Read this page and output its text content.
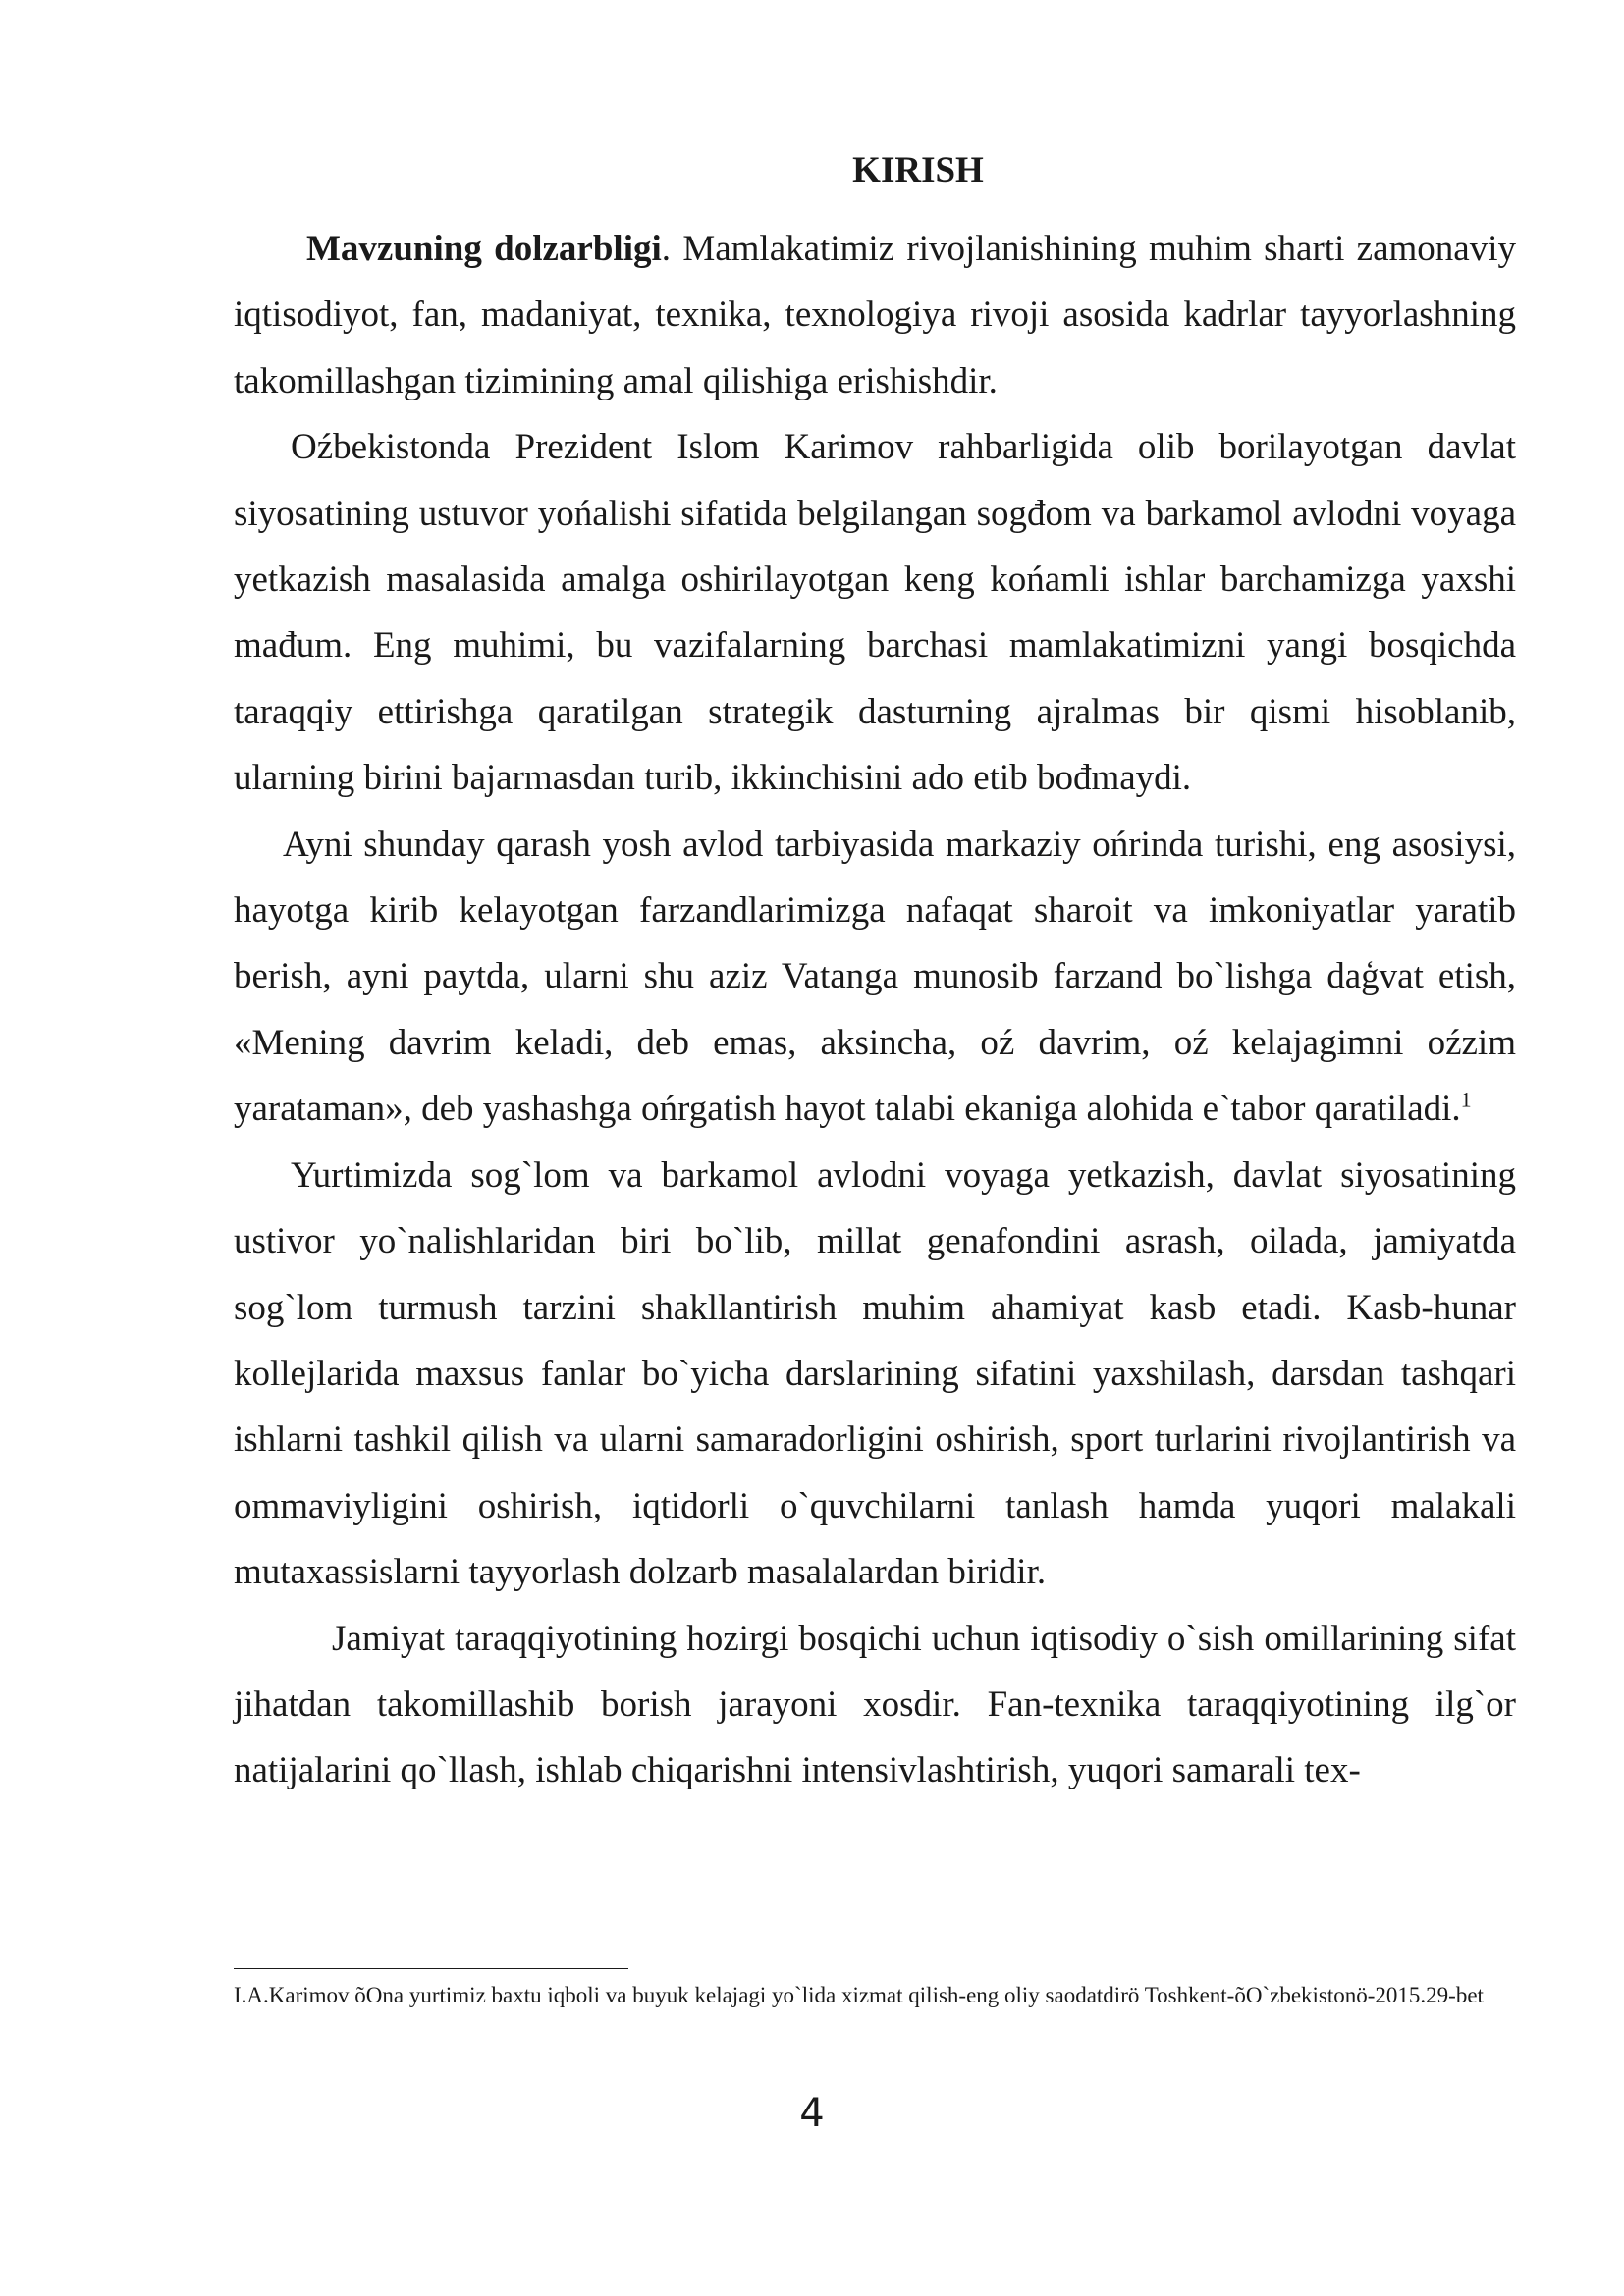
KIRISH

Mavzuning dolzarbligi. Mamlakatimiz rivojlanishining muhim sharti zamonaviy iqtisodiyot, fan, madaniyat, texnika, texnologiya rivoji asosida kadrlar tayyorlashning takomillashgan tizimining amal qilishiga erishishdir.

Oźbekistonda Prezident Islom Karimov rahbarligida olib borilayotgan davlat siyosatining ustuvor yońalishi sifatida belgilangan sogđom va barkamol avlodni voyaga yetkazish masalasida amalga oshirilayotgan keng końamli ishlar barchamizga yaxshi mađum. Eng muhimi, bu vazifalarning barchasi mamlakatimizni yangi bosqichda taraqqiy ettirishga qaratilgan strategik dasturning ajralmas bir qismi hisoblanib, ularning birini bajarmasdan turib, ikkinchisini ado etib bođmaydi.

Ayni shunday qarash yosh avlod tarbiyasida markaziy ońrinda turishi, eng asosiysi, hayotga kirib kelayotgan farzandlarimizga nafaqat sharoit va imkoniyatlar yaratib berish, ayni paytda, ularni shu aziz Vatanga munosib farzand bo`lishga daģvat etish, «Mening davrim keladi, deb emas, aksincha, oź davrim, oź kelajagimni oźzim yarataman», deb yashashga ońrgatish hayot talabi ekaniga alohida e`tabor qaratiladi.$^1$

Yurtimizda sog`lom va barkamol avlodni voyaga yetkazish, davlat siyosatining ustivor yo`nalishlaridan biri bo`lib, millat genafondini asrash, oilada, jamiyatda sog`lom turmush tarzini shakllantirish muhim ahamiyat kasb etadi. Kasb-hunar kollejlarida maxsus fanlar bo`yicha darslarining sifatini yaxshilash, darsdan tashqari ishlarni tashkil qilish va ularni samaradorligini oshirish, sport turlarini rivojlantirish va ommaviyligini oshirish, iqtidorli o`quvchilarni tanlash hamda yuqori malakali mutaxassislarni tayyorlash dolzarb masalalardan biridir.

Jamiyat taraqqiyotining hozirgi bosqichi uchun iqtisodiy o`sish omillarining sifat jihatdan takomillashib borish jarayoni xosdir. Fan-texnika taraqqiyotining ilg`or natijalarini qo`llash, ishlab chiqarishni intensivlashtirish, yuqori samarali tex-

I.A.Karimov õOna yurtimiz baxtu iqboli va buyuk kelajagi yo`lida xizmat qilish-eng oliy saodatdirö Toshkent-õO`zbekistonö-2015.29-bet
4
